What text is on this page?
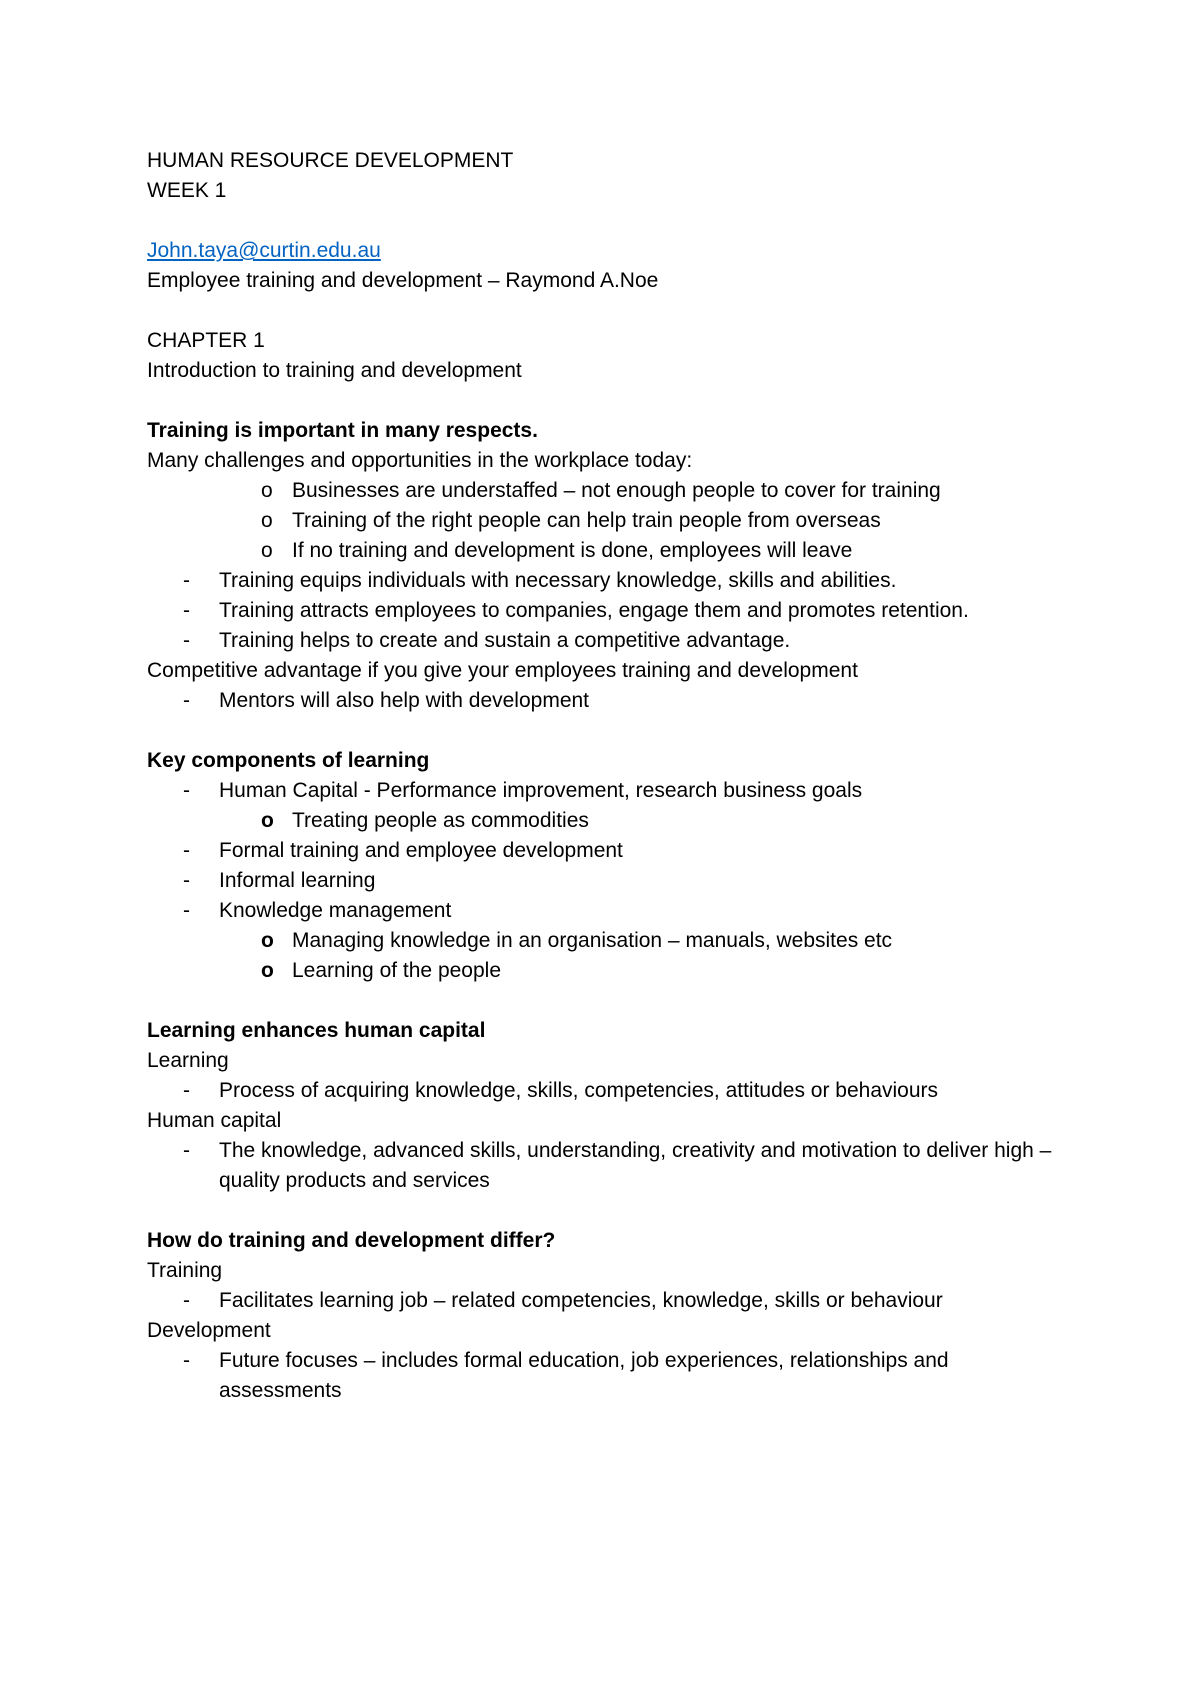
HUMAN RESOURCE DEVELOPMENT
WEEK 1
John.taya@curtin.edu.au
Employee training and development – Raymond A.Noe
CHAPTER 1
Introduction to training and development
Training is important in many respects.
Many challenges and opportunities in the workplace today:
o Businesses are understaffed – not enough people to cover for training
o Training of the right people can help train people from overseas
o If no training and development is done, employees will leave
- Training equips individuals with necessary knowledge, skills and abilities.
- Training attracts employees to companies, engage them and promotes retention.
- Training helps to create and sustain a competitive advantage.
Competitive advantage if you give your employees training and development
- Mentors will also help with development
Key components of learning
- Human Capital - Performance improvement, research business goals
o Treating people as commodities
- Formal training and employee development
- Informal learning
- Knowledge management
o Managing knowledge in an organisation – manuals, websites etc
o Learning of the people
Learning enhances human capital
Learning
- Process of acquiring knowledge, skills, competencies, attitudes or behaviours
Human capital
- The knowledge, advanced skills, understanding, creativity and motivation to deliver high – quality products and services
How do training and development differ?
Training
- Facilitates learning job – related competencies, knowledge, skills or behaviour
Development
- Future focuses – includes formal education, job experiences, relationships and assessments
